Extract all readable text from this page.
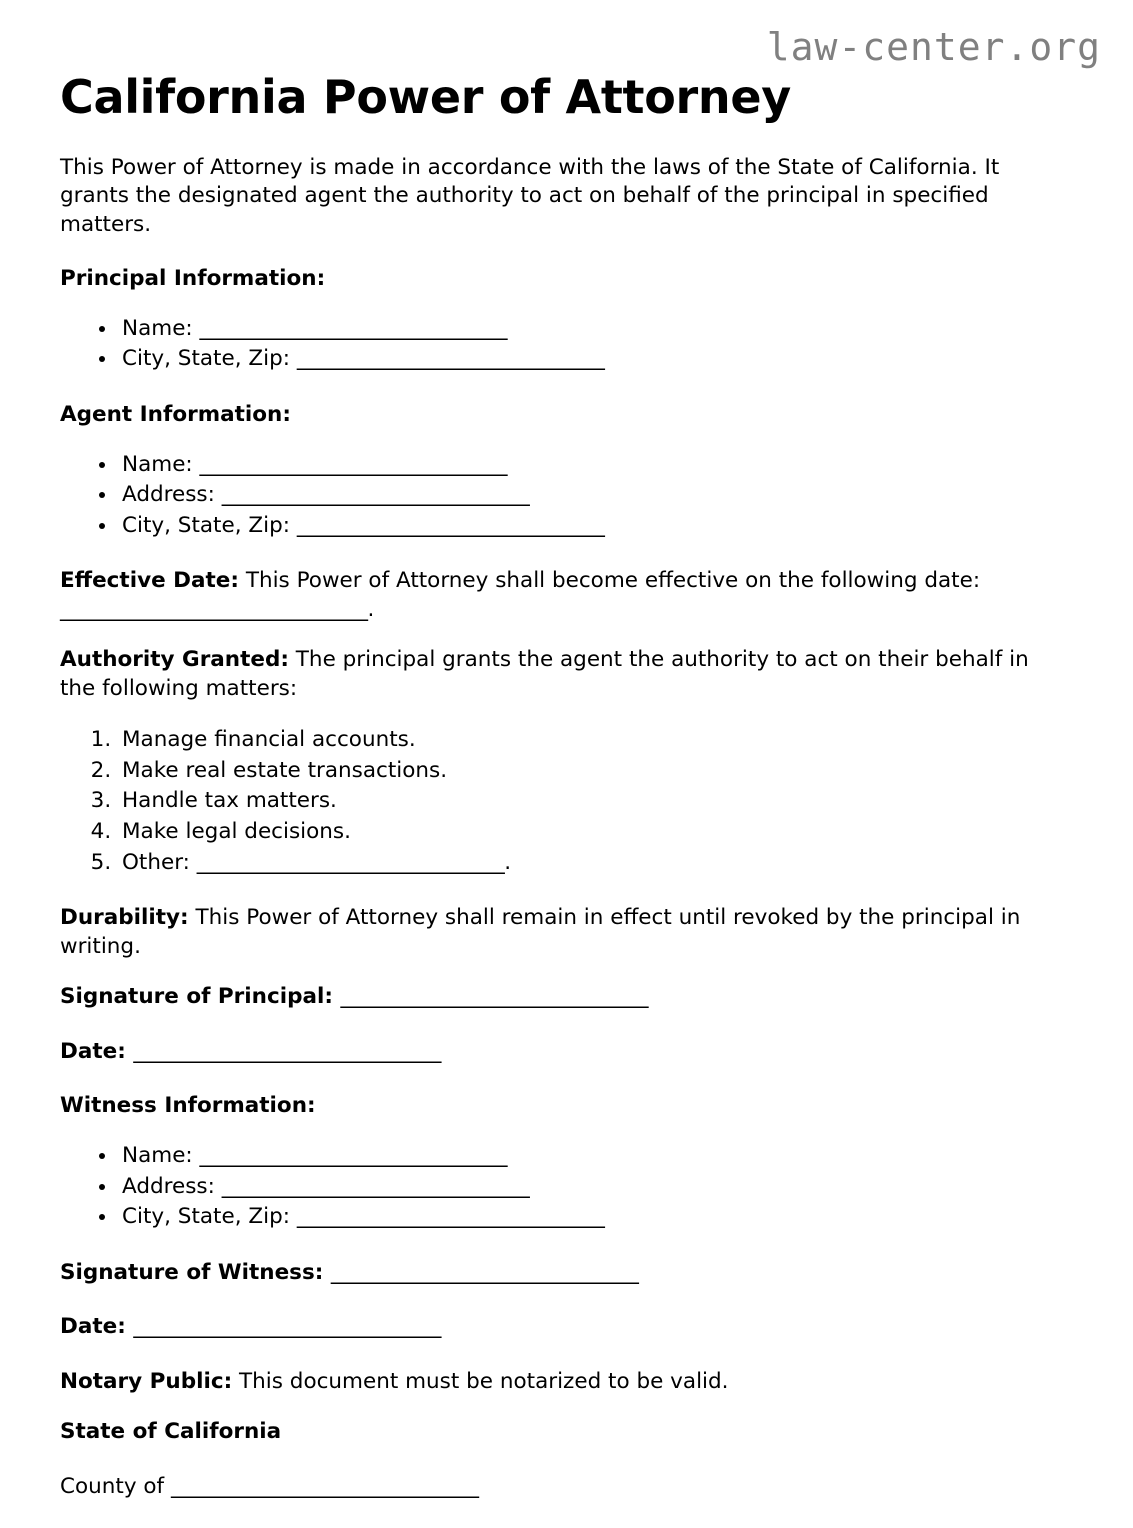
law-center.org
California Power of Attorney

This Power of Attorney is made in accordance with the laws of the State of California. It grants the designated agent the authority to act on behalf of the principal in specified matters.

Principal Information:
• Name: ______________________________
• City, State, Zip: ______________________________
Agent Information:
• Name: ______________________________
• Address: ______________________________
• City, State, Zip: ______________________________

Effective Date: This Power of Attorney shall become effective on the following date: ______________________________.

Authority Granted: The principal grants the agent the authority to act on their behalf in the following matters:

1. Manage financial accounts.
2. Make real estate transactions.
3. Handle tax matters.
4. Make legal decisions.
5. Other: ______________________________.

Durability: This Power of Attorney shall remain in effect until revoked by the principal in writing.

Signature of Principal: ______________________________

Date: ______________________________

Witness Information:
• Name: ______________________________
• Address: ______________________________
• City, State, Zip: ______________________________

Signature of Witness: ______________________________

Date: ______________________________

Notary Public: This document must be notarized to be valid.

State of California

County of ______________________________
